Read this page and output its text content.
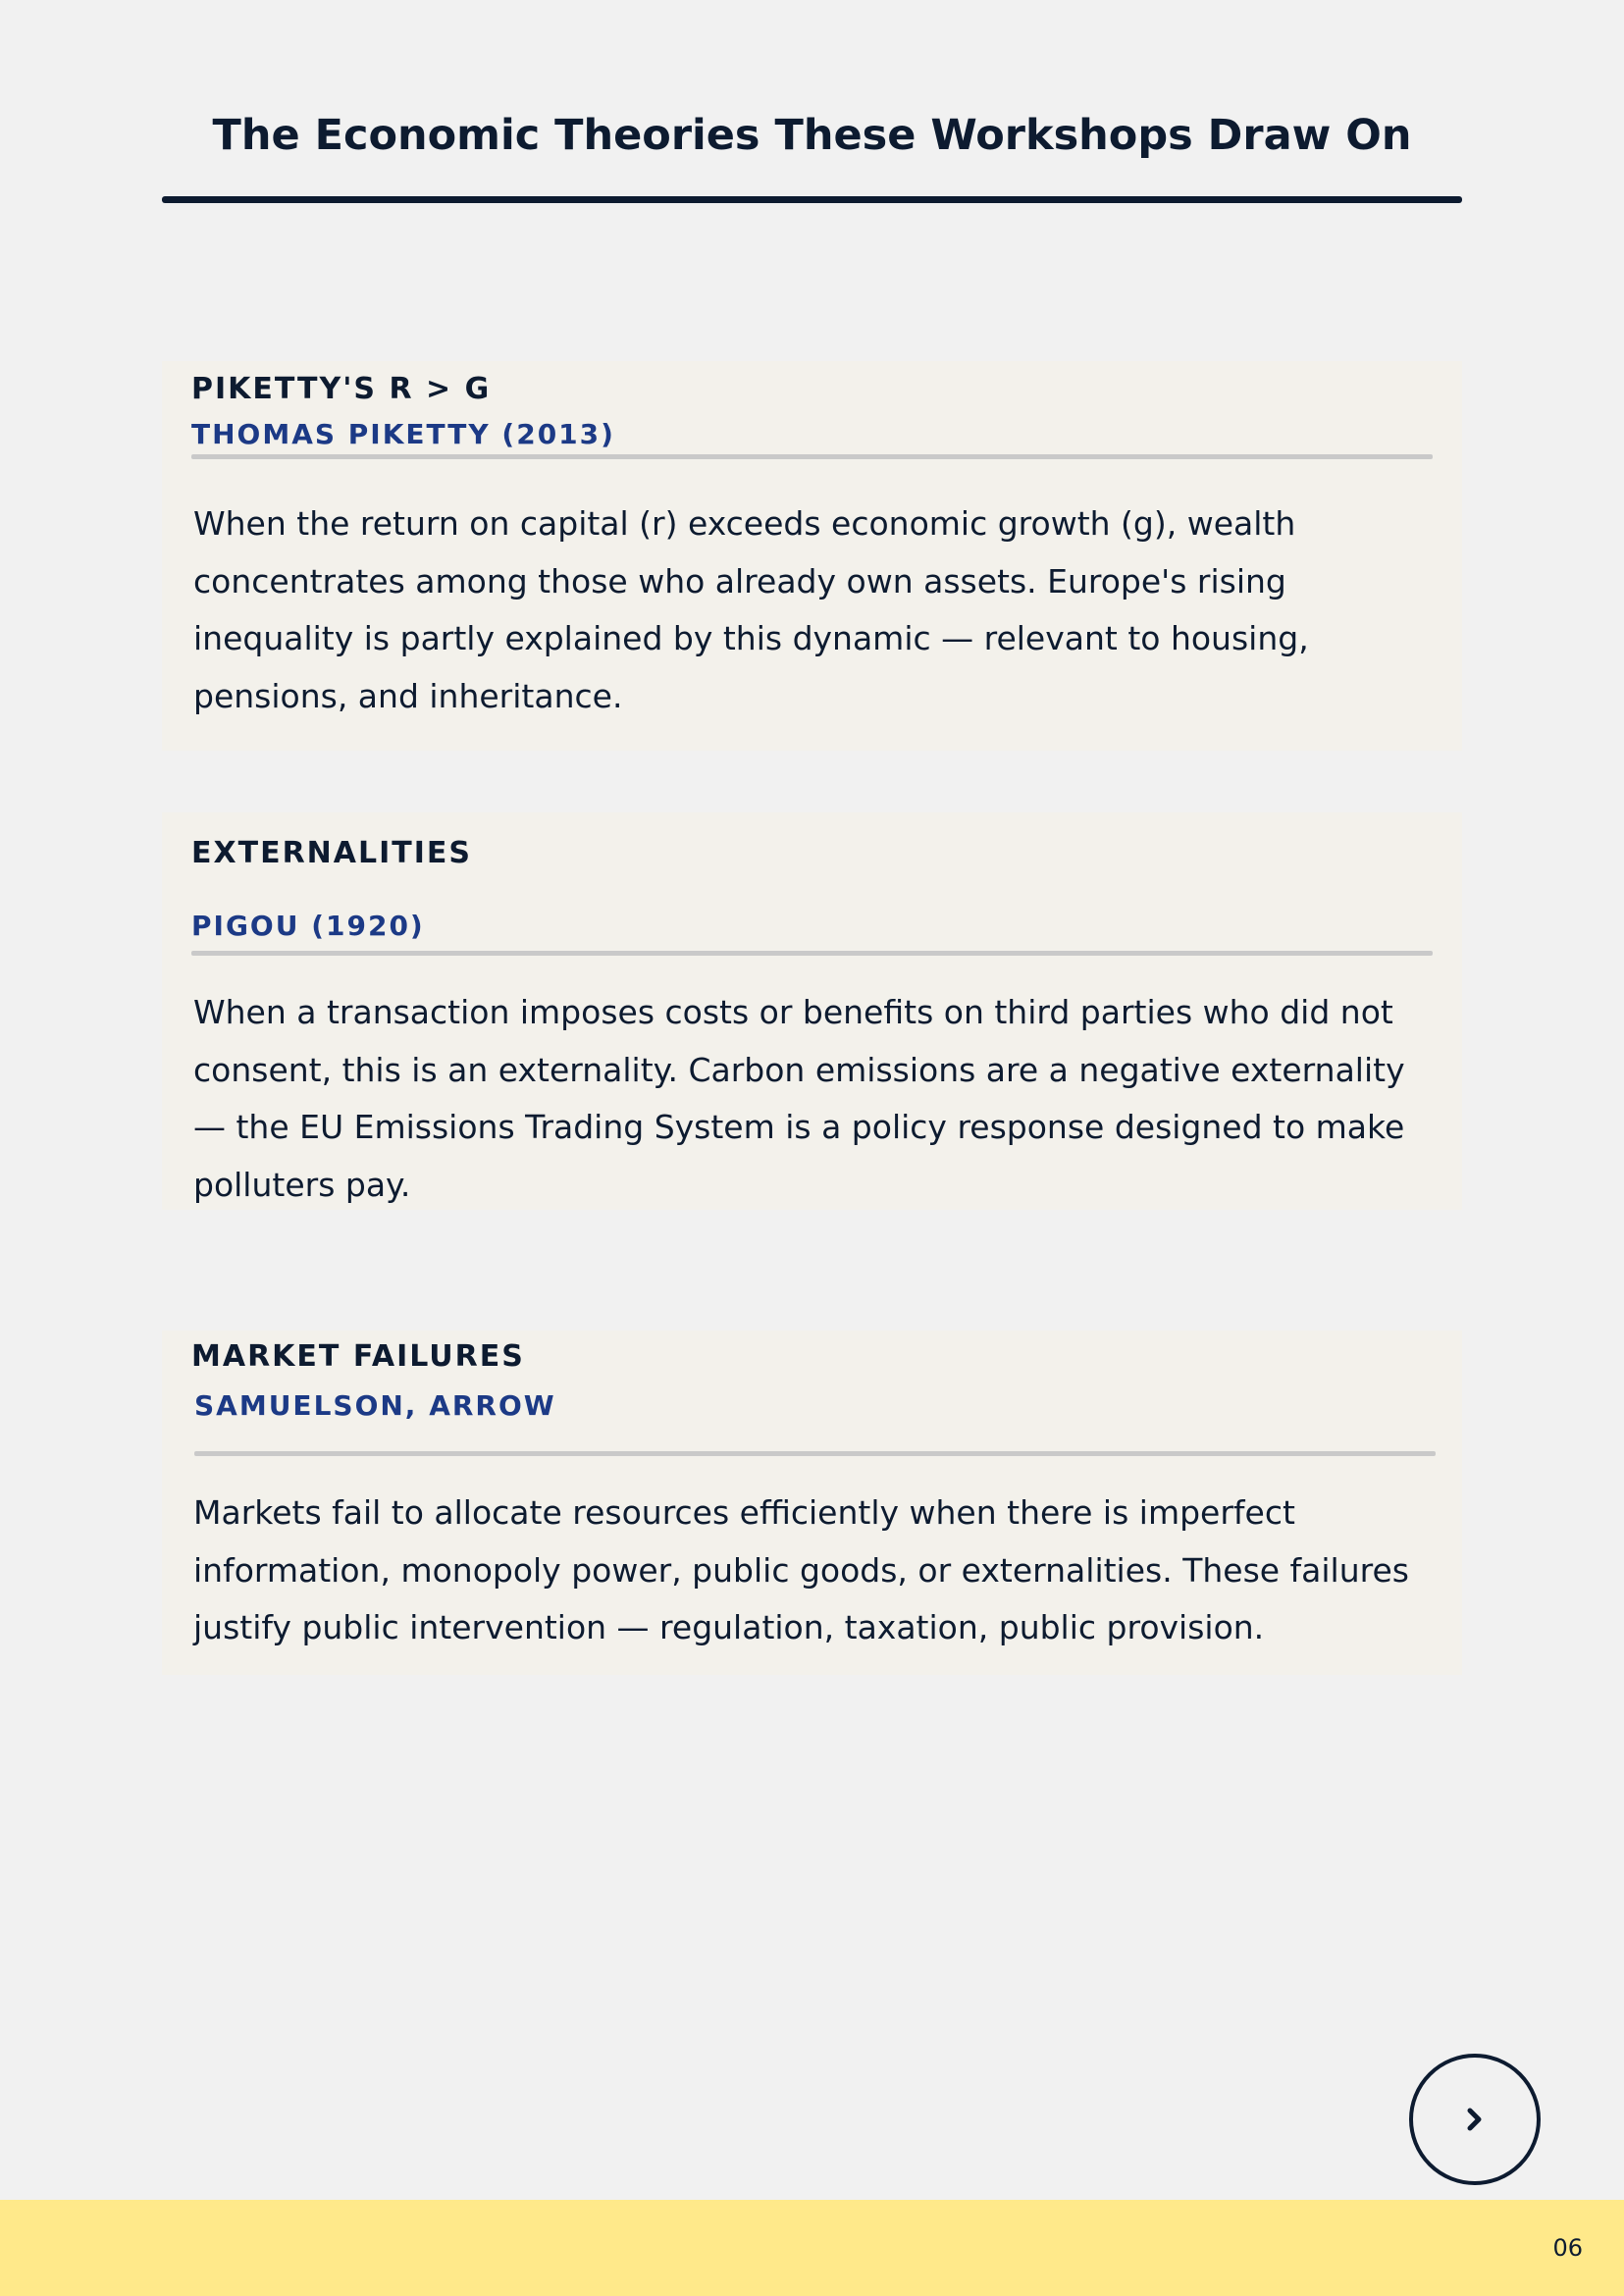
The Economic Theories These Workshops Draw On
PIKETTY'S R > G
THOMAS PIKETTY (2013)

When the return on capital (r) exceeds economic growth (g), wealth concentrates among those who already own assets. Europe's rising inequality is partly explained by this dynamic — relevant to housing, pensions, and inheritance.

EXTERNALITIES
PIGOU (1920)

When a transaction imposes costs or benefits on third parties who did not consent, this is an externality. Carbon emissions are a negative externality — the EU Emissions Trading System is a policy response designed to make polluters pay.

MARKET FAILURES
SAMUELSON, ARROW

Markets fail to allocate resources efficiently when there is imperfect information, monopoly power, public goods, or externalities. These failures justify public intervention — regulation, taxation, public provision.

06
